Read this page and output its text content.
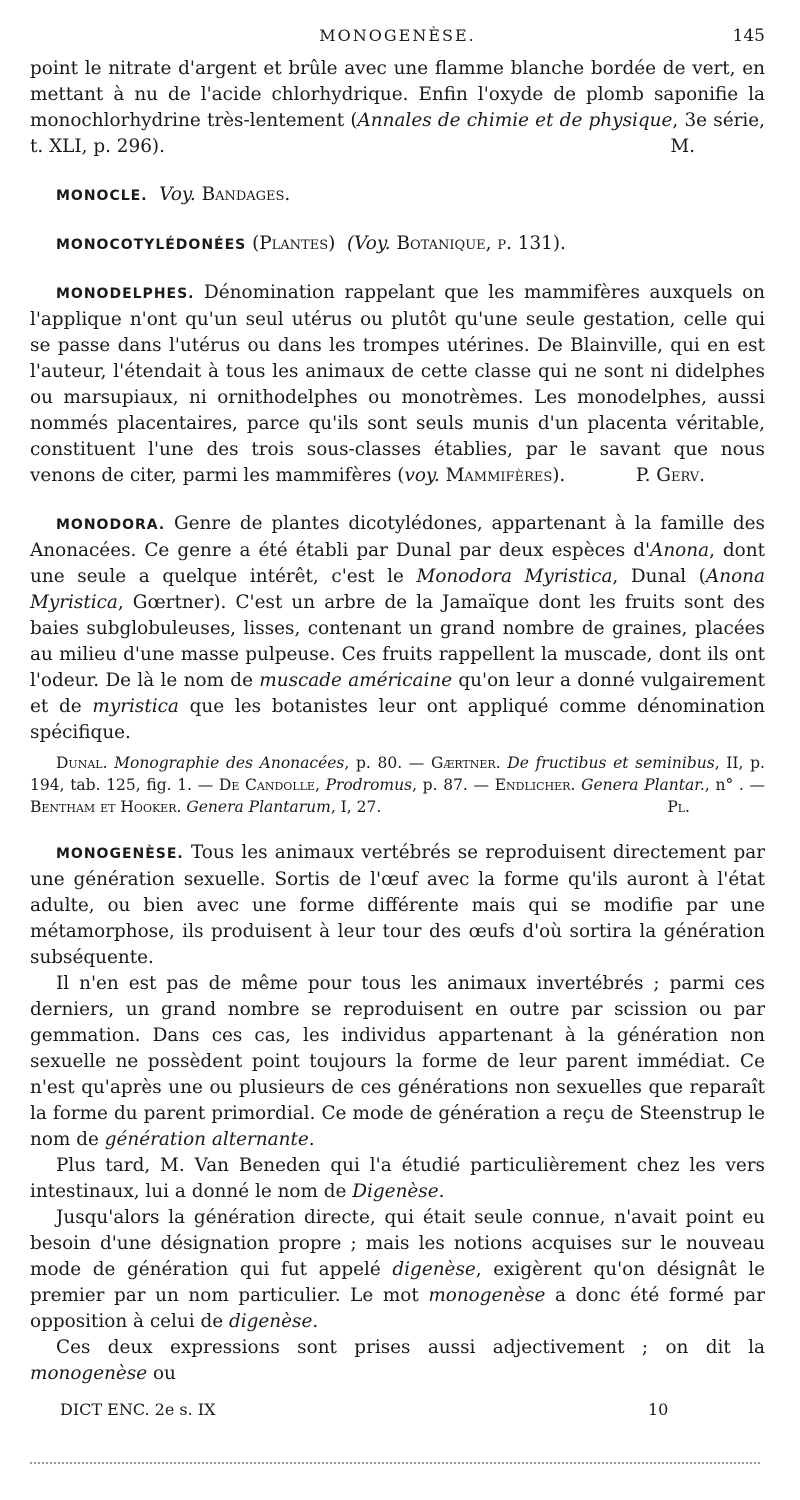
MONOGENÈSE.	145

point le nitrate d'argent et brûle avec une flamme blanche bordée de vert, en mettant à nu de l'acide chlorhydrique. Enfin l'oxyde de plomb saponifie la monochlorhydrine très-lentement (Annales de chimie et de physique, 3e série, t. XLI, p. 296).	M.

MONOCLE. Voy. Bandages.

MONOCOTYLÉDONÉES (Plantes) (Voy. Botanique, p. 131).

MONODELPHES. Dénomination rappelant que les mammifères auxquels on l'applique n'ont qu'un seul utérus ou plutôt qu'une seule gestation, celle qui se passe dans l'utérus ou dans les trompes utérines. De Blainville, qui en est l'auteur, l'étendait à tous les animaux de cette classe qui ne sont ni didelphes ou marsupiaux, ni ornithodelphes ou monotrèmes. Les monodelphes, aussi nommés placentaires, parce qu'ils sont seuls munis d'un placenta véritable, constituent l'une des trois sous-classes établies, par le savant que nous venons de citer, parmi les mammifères (voy. Mammifères).	P. Gerv.

MONODORA. Genre de plantes dicotylédones, appartenant à la famille des Anonacées. Ce genre a été établi par Dunal par deux espèces d'Anona, dont une seule a quelque intérêt, c'est le Monodora Myristica, Dunal (Anona Myristica, Gœrtner). C'est un arbre de la Jamaïque dont les fruits sont des baies subglobuleuses, lisses, contenant un grand nombre de graines, placées au milieu d'une masse pulpeuse. Ces fruits rappellent la muscade, dont ils ont l'odeur. De là le nom de muscade américaine qu'on leur a donné vulgairement et de myristica que les botanistes leur ont appliqué comme dénomination spécifique.

Dunal. Monographie des Anonacées, p. 80. — Gærtner. De fructibus et seminibus, II, p. 194, tab. 125, fig. 1. — De Candolle, Prodromus, p. 87. — Endlicher. Genera Plantar., n° . — Bentham et Hooker. Genera Plantarum, I, 27.	Pl.

MONOGENÈSE. Tous les animaux vertébrés se reproduisent directement par une génération sexuelle. Sortis de l'œuf avec la forme qu'ils auront à l'état adulte, ou bien avec une forme différente mais qui se modifie par une métamorphose, ils produisent à leur tour des œufs d'où sortira la génération subséquente.

Il n'en est pas de même pour tous les animaux invertébrés ; parmi ces derniers, un grand nombre se reproduisent en outre par scission ou par gemmation. Dans ces cas, les individus appartenant à la génération non sexuelle ne possèdent point toujours la forme de leur parent immédiat. Ce n'est qu'après une ou plusieurs de ces générations non sexuelles que reparaît la forme du parent primordial. Ce mode de génération a reçu de Steenstrup le nom de génération alternante.

Plus tard, M. Van Beneden qui l'a étudié particulièrement chez les vers intestinaux, lui a donné le nom de Digenèse.

Jusqu'alors la génération directe, qui était seule connue, n'avait point eu besoin d'une désignation propre ; mais les notions acquises sur le nouveau mode de génération qui fut appelé digenèse, exigèrent qu'on désignât le premier par un nom particulier. Le mot monogenèse a donc été formé par opposition à celui de digenèse.

Ces deux expressions sont prises aussi adjectivement ; on dit la monogenèse ou

DICT ENC. 2e s. IX	10
